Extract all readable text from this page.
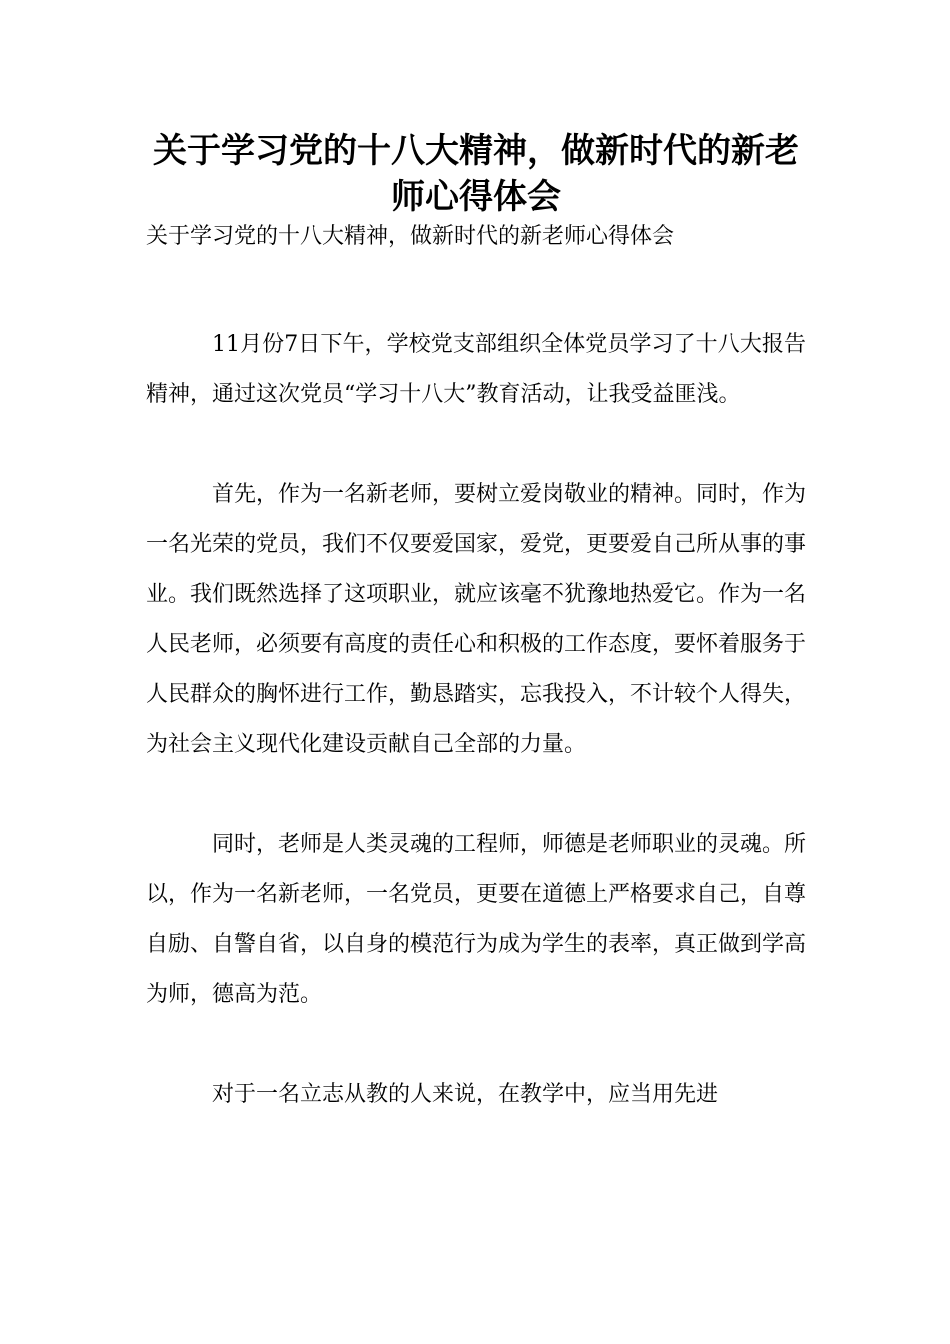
关于学习党的十八大精神，做新时代的新老师心得体会

关于学习党的十八大精神，做新时代的新老师心得体会

11月份7日下午，学校党支部组织全体党员学习了十八大报告精神，通过这次党员“学习十八大”教育活动，让我受益匪浅。

首先，作为一名新老师，要树立爱岗敬业的精神。同时，作为一名光荣的党员，我们不仅要爱国家，爱党，更要爱自己所从事的事业。我们既然选择了这项职业，就应该毫不犹豫地热爱它。作为一名人民老师，必须要有高度的责任心和积极的工作态度，要怀着服务于人民群众的胸怀进行工作，勤恳踏实，忘我投入，不计较个人得失，为社会主义现代化建设贡献自己全部的力量。

同时，老师是人类灵魂的工程师，师德是老师职业的灵魂。所以，作为一名新老师，一名党员，更要在道德上严格要求自己，自尊自励、自警自省，以自身的模范行为成为学生的表率，真正做到学高为师，德高为范。

对于一名立志从教的人来说，在教学中，应当用先进
